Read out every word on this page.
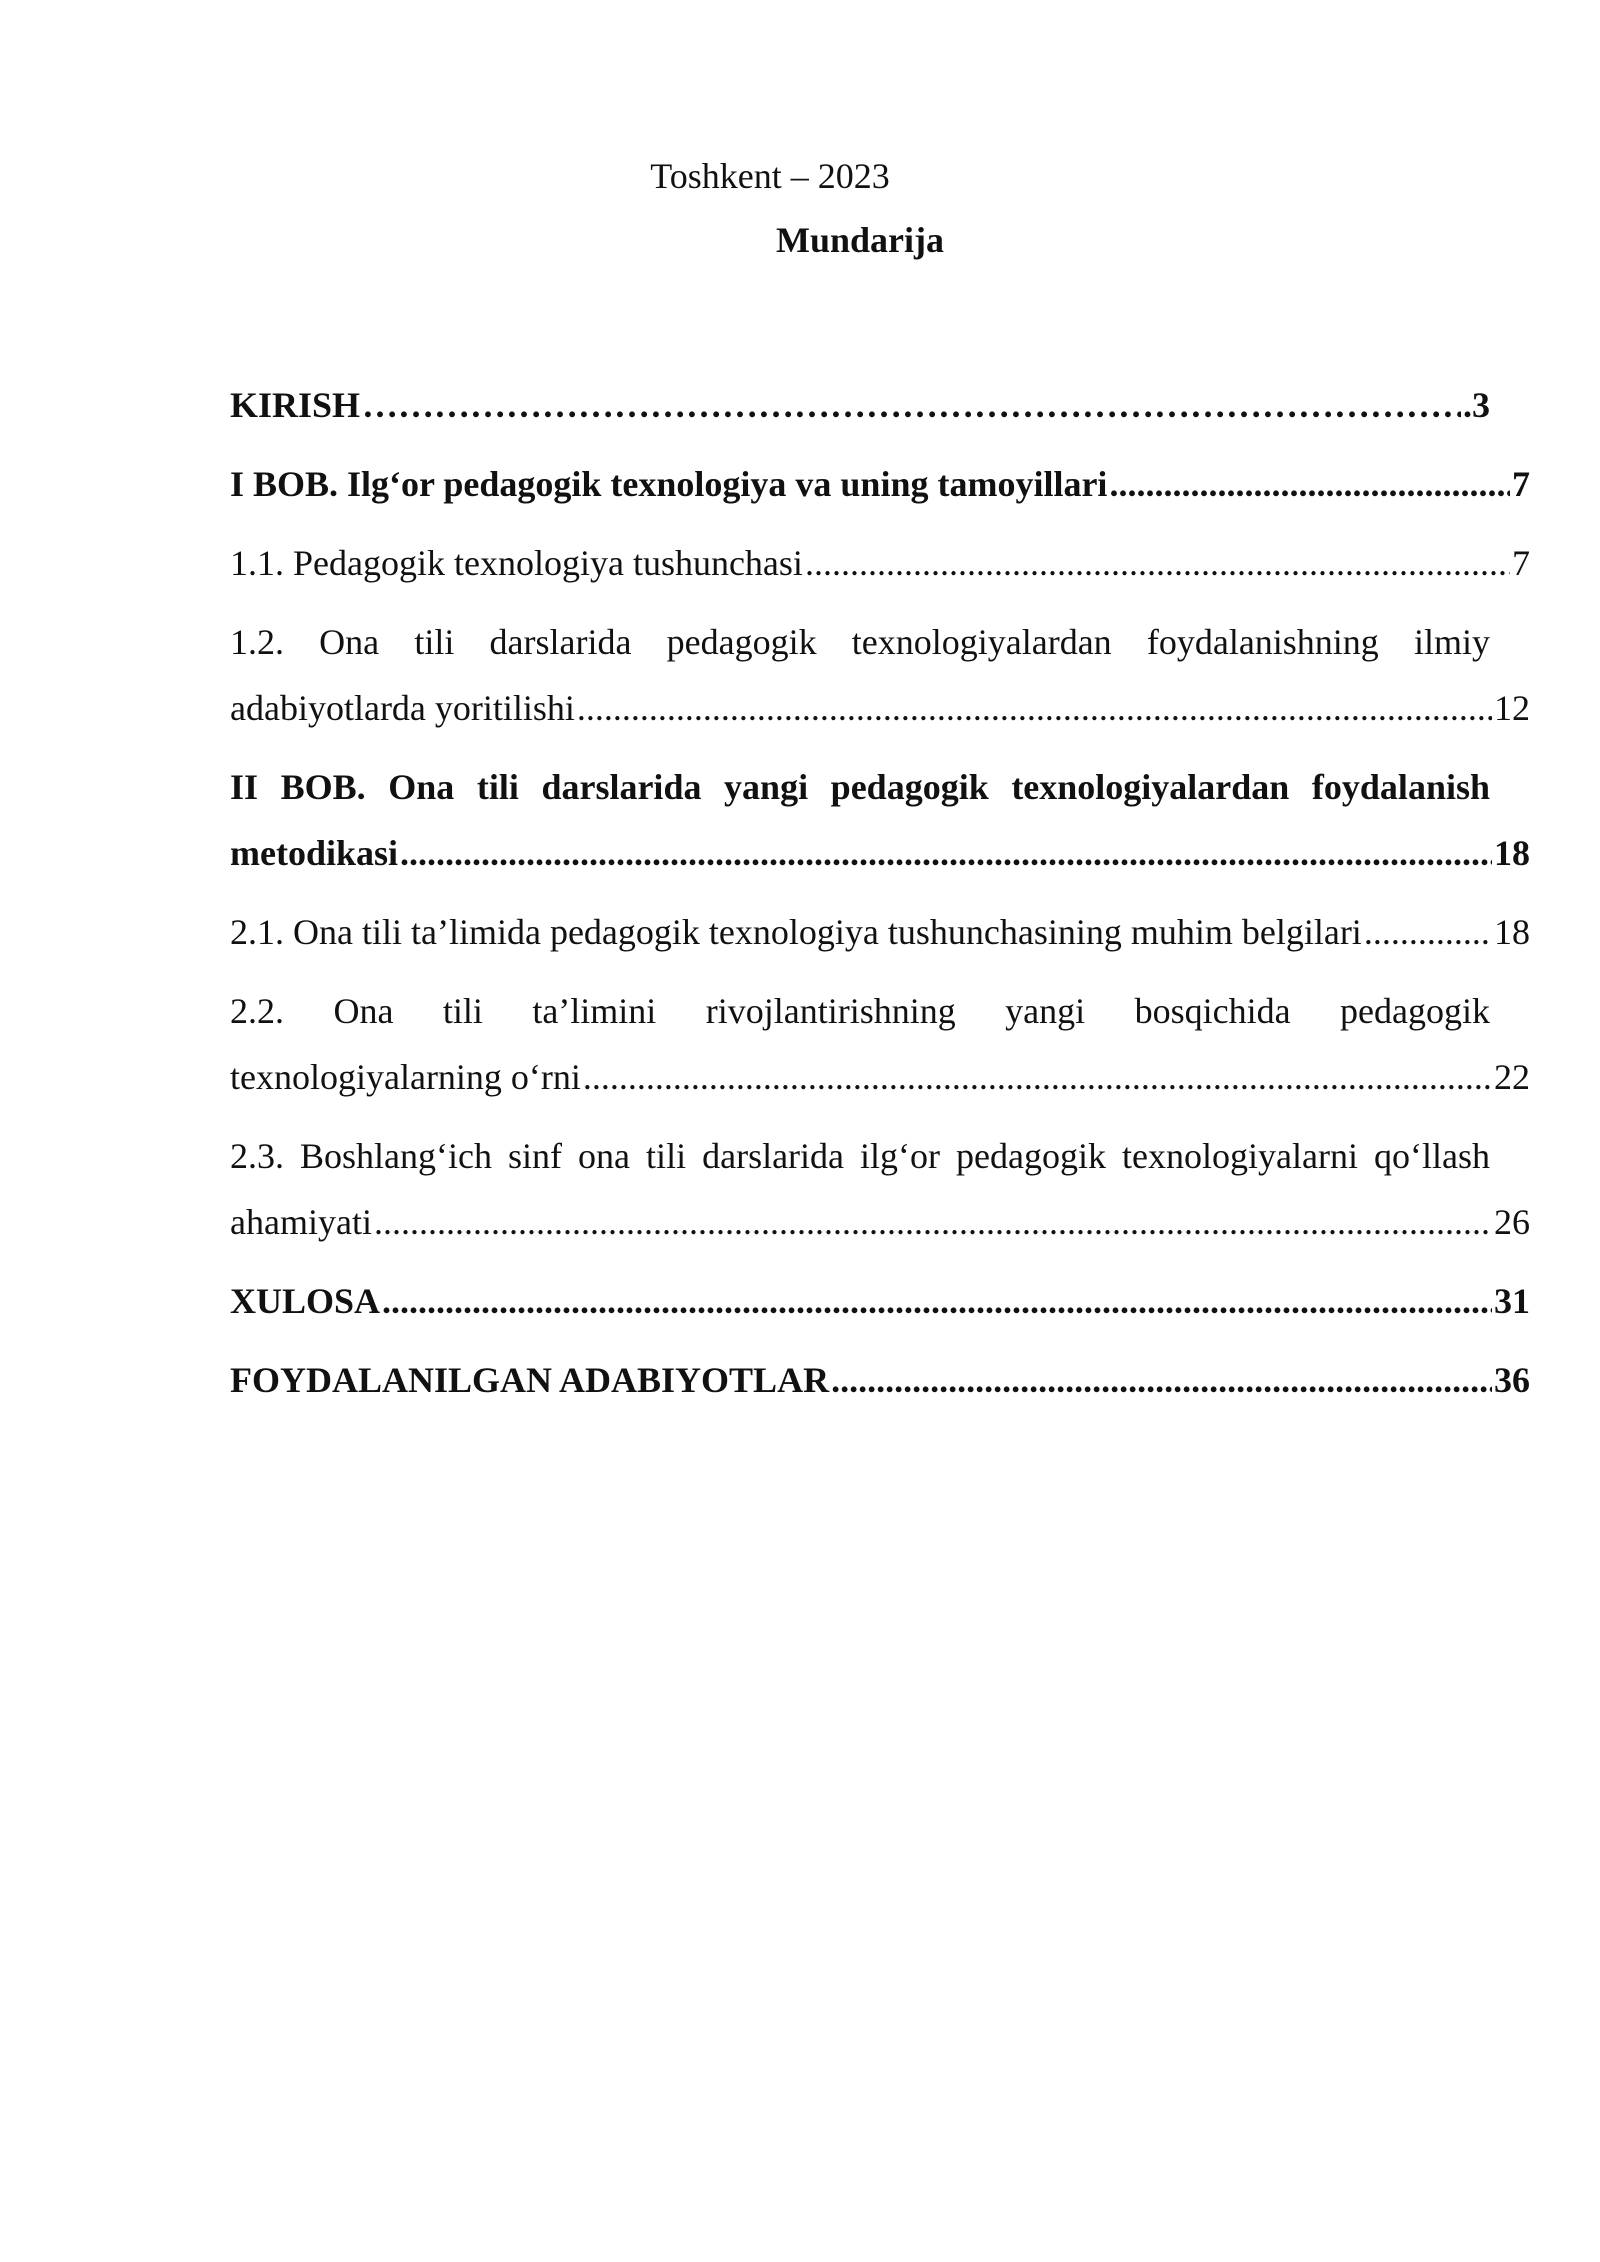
Toshkent – 2023
Mundarija
KIRISH ……………………………………………………………………………………………………………………………………………………	. 3
I BOB. Ilg‘or pedagogik texnologiya va uning tamoyillari .....	7
1.1. Pedagogik texnologiya tushunchasi .....	7
1.2. Ona tili darslarida pedagogik texnologiyalardan foydalanishning ilmiy
adabiyotlarda yoritilishi .....	12
II BOB. Ona tili darslarida yangi pedagogik texnologiyalardan foydalanish
metodikasi .....	18
2.1. Ona tili ta’limida pedagogik texnologiya tushunchasining muhim belgilari .....	18
2.2. Ona tili ta’limini rivojlantirishning yangi bosqichida pedagogik
texnologiyalarning o‘rni .....	22
2.3. Boshlang‘ich sinf ona tili darslarida ilg‘or pedagogik texnologiyalarni qo‘llash
ahamiyati .....	26
XULOSA .....	31
FOYDALANILGAN ADABIYOTLAR .....	36
